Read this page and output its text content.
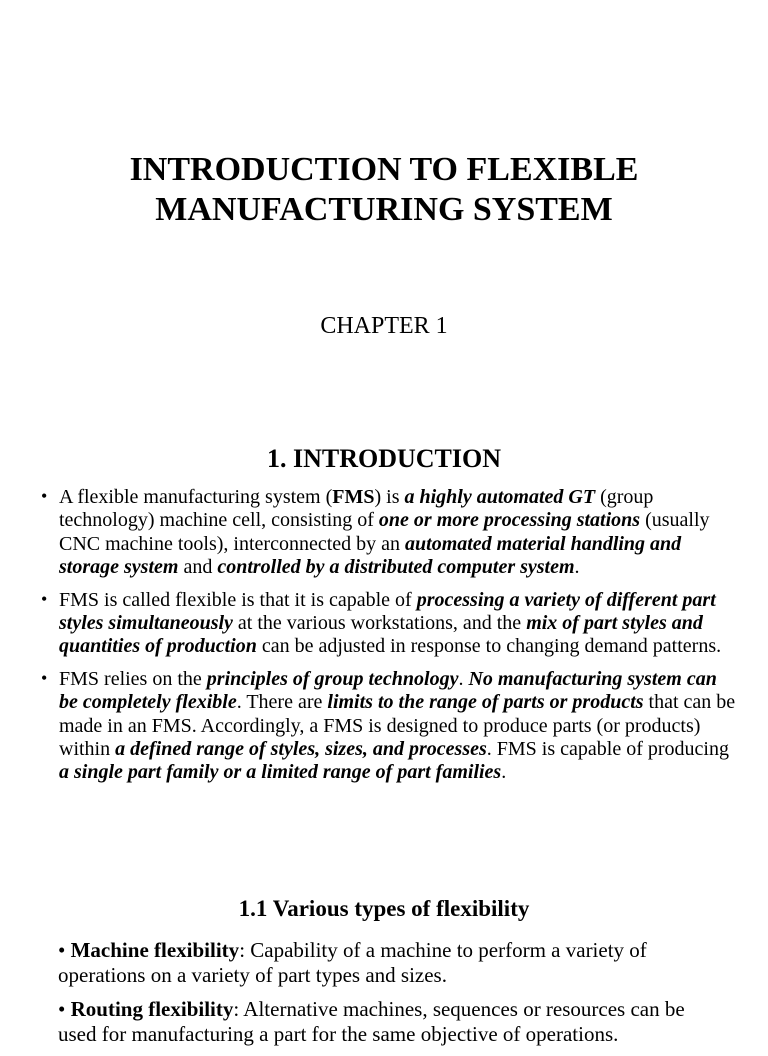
INTRODUCTION TO FLEXIBLE
MANUFACTURING SYSTEM
CHAPTER 1
1. INTRODUCTION
• A flexible manufacturing system (FMS) is a highly automated GT (group technology) machine cell, consisting of one or more processing stations (usually CNC machine tools), interconnected by an automated material handling and storage system and controlled by a distributed computer system.
• FMS is called flexible is that it is capable of processing a variety of different part styles simultaneously at the various workstations, and the mix of part styles and quantities of production can be adjusted in response to changing demand patterns.
• FMS relies on the principles of group technology. No manufacturing system can be completely flexible. There are limits to the range of parts or products that can be made in an FMS. Accordingly, a FMS is designed to produce parts (or products) within a defined range of styles, sizes, and processes. FMS is capable of producing a single part family or a limited range of part families.
1.1 Various types of flexibility

• Machine flexibility: Capability of a machine to perform a variety of operations on a variety of part types and sizes.

• Routing flexibility: Alternative machines, sequences or resources can be used for manufacturing a part for the same objective of operations.
